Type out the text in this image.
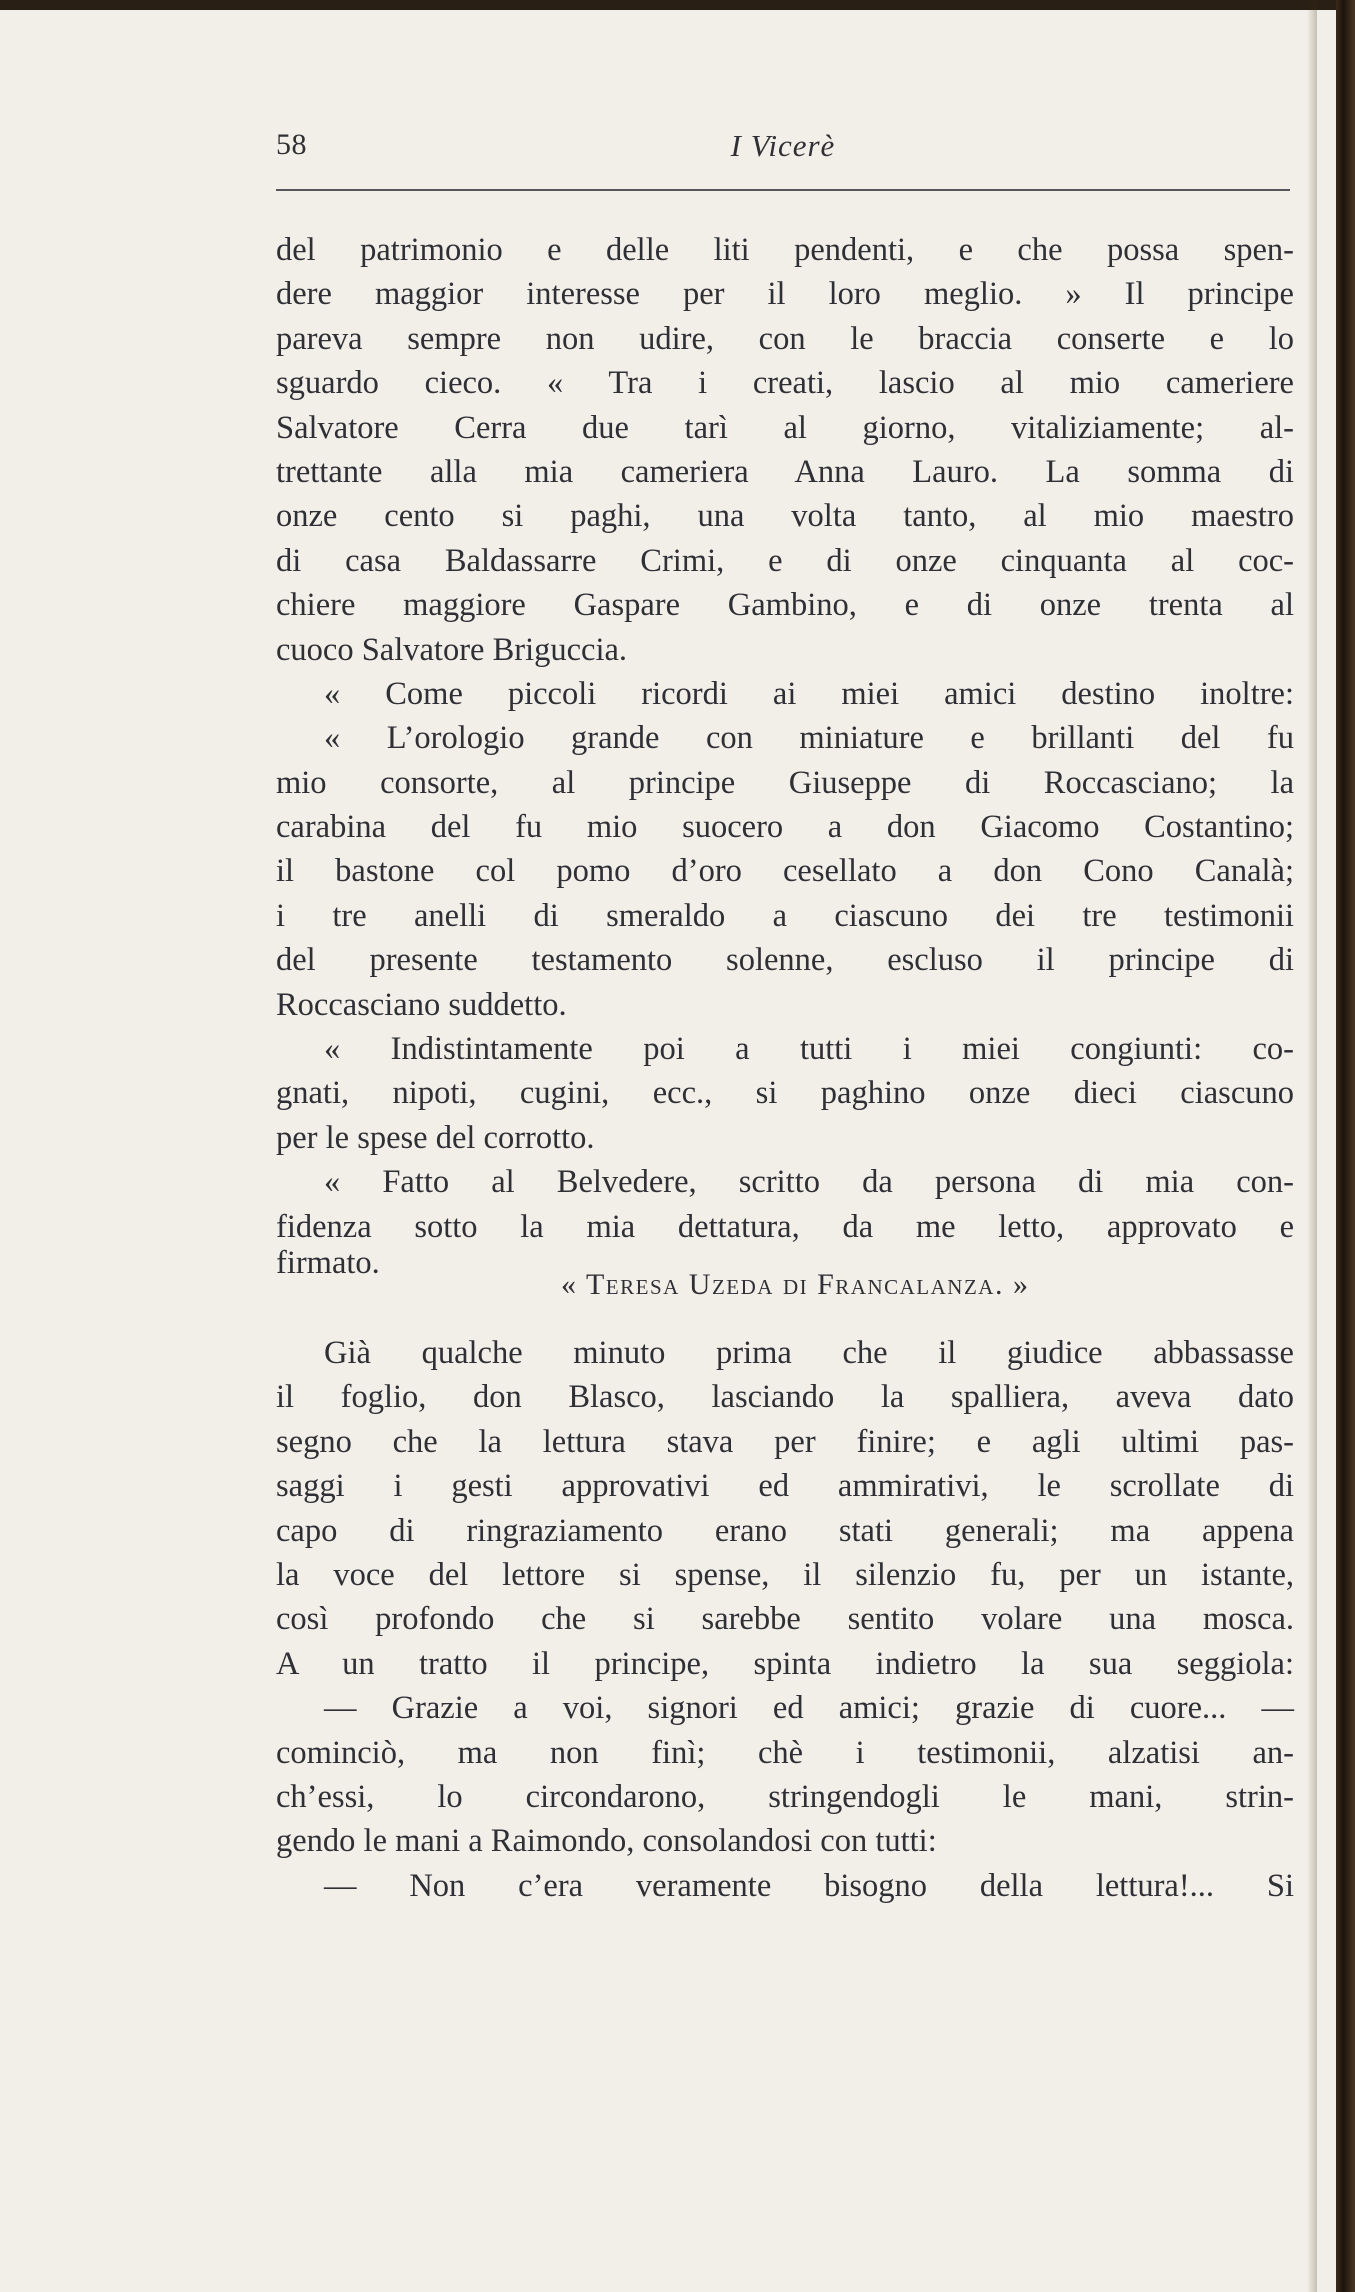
58	I Vicerè
del patrimonio e delle liti pendenti, e che possa spen-
dere maggior interesse per il loro meglio. » Il principe
pareva sempre non udire, con le braccia conserte e lo
sguardo cieco. « Tra i creati, lascio al mio cameriere
Salvatore Cerra due tarì al giorno, vitaliziamente; al-
trettante alla mia cameriera Anna Lauro. La somma di
onze cento si paghi, una volta tanto, al mio maestro
di casa Baldassarre Crimi, e di onze cinquanta al coc-
chiere maggiore Gaspare Gambino, e di onze trenta al
cuoco Salvatore Briguccia.
« Come piccoli ricordi ai miei amici destino inoltre:
« L’orologio grande con miniature e brillanti del fu
mio consorte, al principe Giuseppe di Roccasciano; la
carabina del fu mio suocero a don Giacomo Costantino;
il bastone col pomo d’oro cesellato a don Cono Canalà;
i tre anelli di smeraldo a ciascuno dei tre testimonii
del presente testamento solenne, escluso il principe di
Roccasciano suddetto.
« Indistintamente poi a tutti i miei congiunti: co-
gnati, nipoti, cugini, ecc., si paghino onze dieci ciascuno
per le spese del corrotto.
« Fatto al Belvedere, scritto da persona di mia con-
fidenza sotto la mia dettatura, da me letto, approvato e
firmato.
« Teresa Uzeda di Francalanza. »
Già qualche minuto prima che il giudice abbassasse
il foglio, don Blasco, lasciando la spalliera, aveva dato
segno che la lettura stava per finire; e agli ultimi pas-
saggi i gesti approvativi ed ammirativi, le scrollate di
capo di ringraziamento erano stati generali; ma appena
la voce del lettore si spense, il silenzio fu, per un istante,
così profondo che si sarebbe sentito volare una mosca.
A un tratto il principe, spinta indietro la sua seggiola:
— Grazie a voi, signori ed amici; grazie di cuore... —
cominciò, ma non finì; chè i testimonii, alzatisi an-
ch’essi, lo circondarono, stringendogli le mani, strin-
gendo le mani a Raimondo, consolandosi con tutti:
— Non c’era veramente bisogno della lettura!... Si
